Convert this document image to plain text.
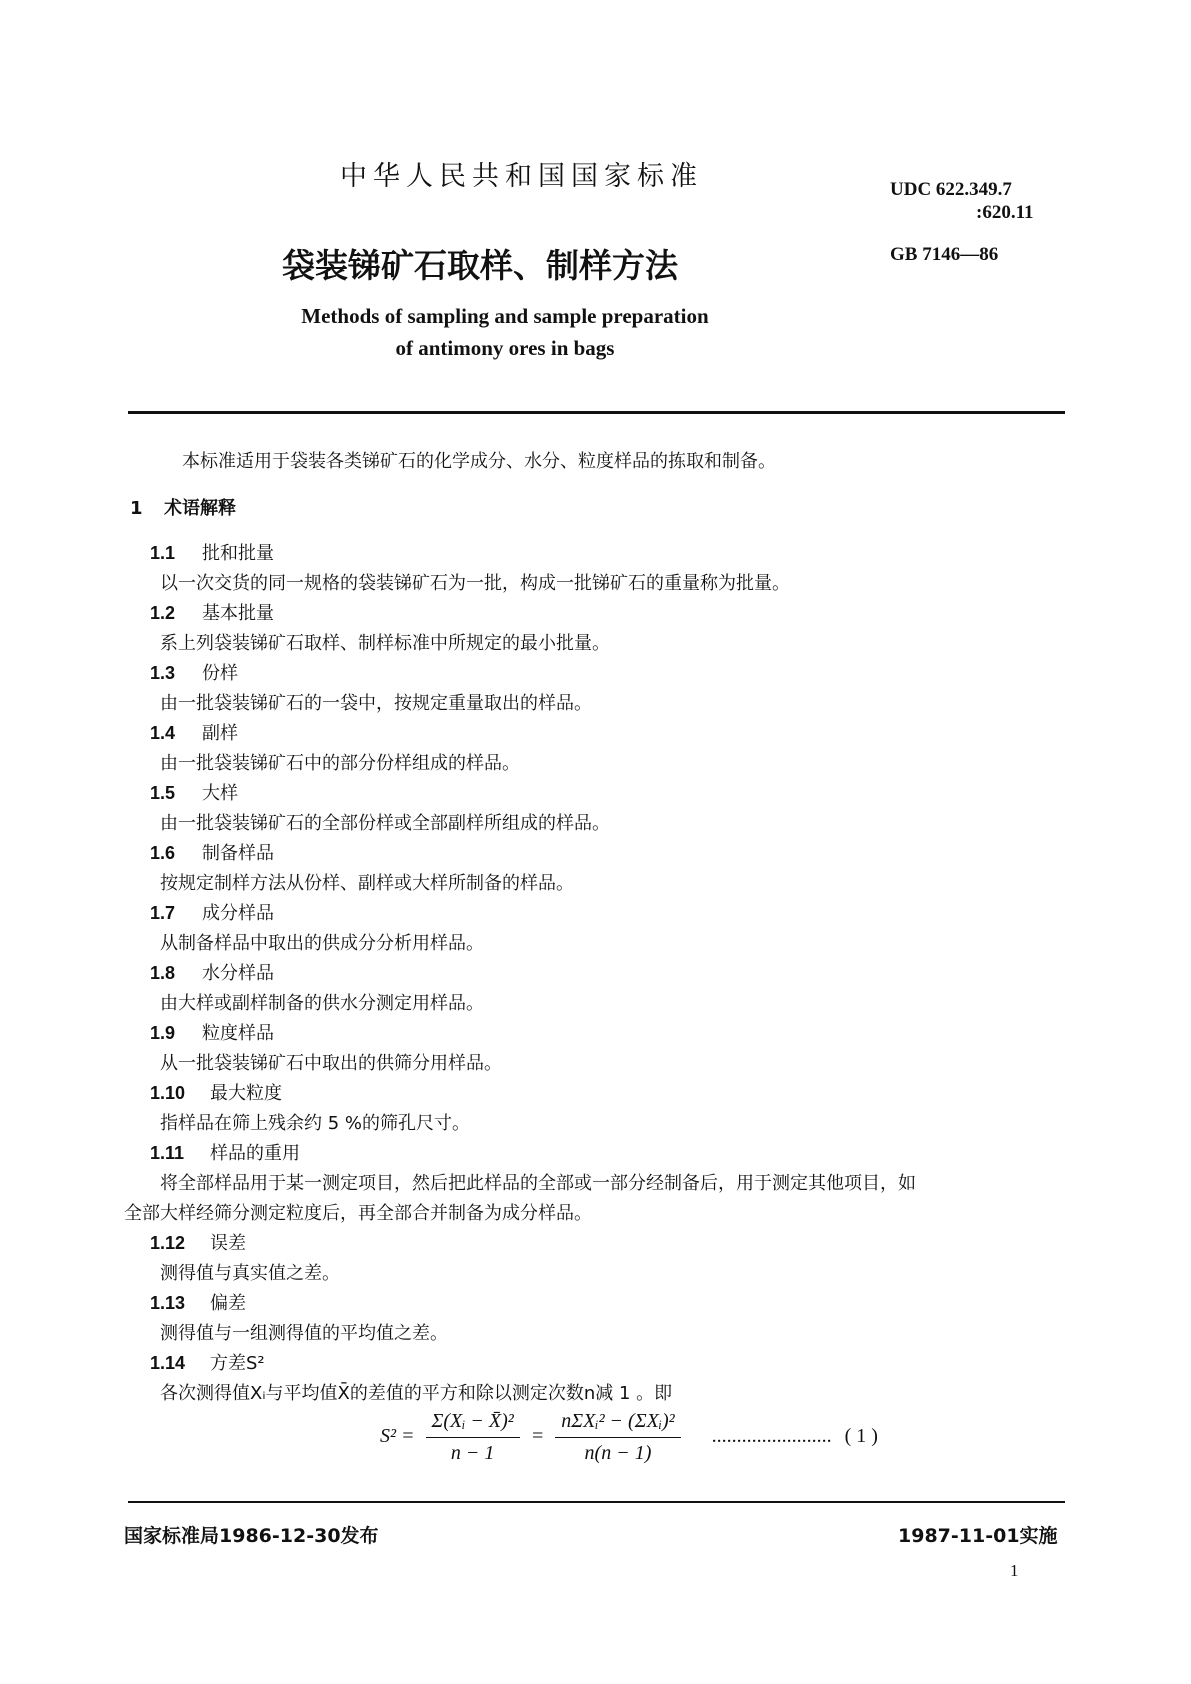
中华人民共和国国家标准	UDC 622.349.7
:620.11
袋装锑矿石取样、制样方法	GB 7146—86
Methods of sampling and sample preparation
of antimony ores in bags
本标准适用于袋装各类锑矿石的化学成分、水分、粒度样品的拣取和制备。
1 术语解释
1.1 批和批量
以一次交货的同一规格的袋装锑矿石为一批，构成一批锑矿石的重量称为批量。
1.2 基本批量
系上列袋装锑矿石取样、制样标准中所规定的最小批量。
1.3 份样
由一批袋装锑矿石的一袋中，按规定重量取出的样品。
1.4 副样
由一批袋装锑矿石中的部分份样组成的样品。
1.5 大样
由一批袋装锑矿石的全部份样或全部副样所组成的样品。
1.6 制备样品
按规定制样方法从份样、副样或大样所制备的样品。
1.7 成分样品
从制备样品中取出的供成分分析用样品。
1.8 水分样品
由大样或副样制备的供水分测定用样品。
1.9 粒度样品
从一批袋装锑矿石中取出的供筛分用样品。
1.10 最大粒度
指样品在筛上残余约 5 %的筛孔尺寸。
1.11 样品的重用
将全部样品用于某一测定项目，然后把此样品的全部或一部分经制备后，用于测定其他项目，如
全部大样经筛分测定粒度后，再全部合并制备为成分样品。
1.12 误差
测得值与真实值之差。
1.13 偏差
测得值与一组测得值的平均值之差。
1.14 方差S²
各次测得值Xᵢ与平均值X̄的差值的平方和除以测定次数n减 1 。即
$S^2 = \frac{\text{Σ(Xᵢ − X̄)²}}{n - 1} = \frac{\text{nΣXᵢ² − (ΣXᵢ)²}}{n(n - 1)}$ ........................ ( 1 )
国家标准局1986-12-30发布	1987-11-01实施
1
